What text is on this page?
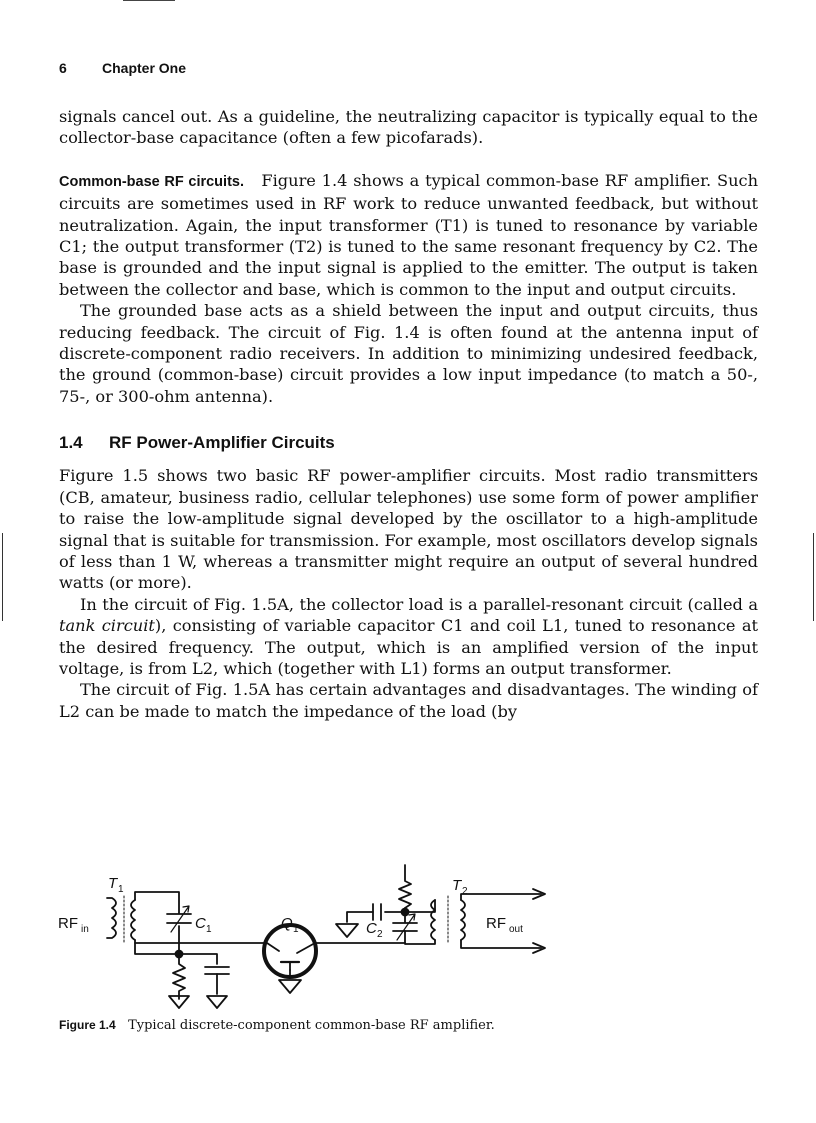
6	Chapter One

signals cancel out. As a guideline, the neutralizing capacitor is typically equal to the collector-base capacitance (often a few picofarads).

Common-base RF circuits. Figure 1.4 shows a typical common-base RF amplifier. Such circuits are sometimes used in RF work to reduce unwanted feedback, but without neutralization. Again, the input transformer (T1) is tuned to resonance by variable C1; the output transformer (T2) is tuned to the same resonant frequency by C2. The base is grounded and the input signal is applied to the emitter. The output is taken between the collector and base, which is common to the input and output circuits.

The grounded base acts as a shield between the input and output circuits, thus reducing feedback. The circuit of Fig. 1.4 is often found at the antenna input of discrete-component radio receivers. In addition to minimizing undesired feedback, the ground (common-base) circuit provides a low input impedance (to match a 50-, 75-, or 300-ohm antenna).

1.4 RF Power-Amplifier Circuits

Figure 1.5 shows two basic RF power-amplifier circuits. Most radio transmitters (CB, amateur, business radio, cellular telephones) use some form of power amplifier to raise the low-amplitude signal developed by the oscillator to a high-amplitude signal that is suitable for transmission. For example, most oscillators develop signals of less than 1 W, whereas a transmitter might require an output of several hundred watts (or more).

In the circuit of Fig. 1.5A, the collector load is a parallel-resonant circuit (called a tank circuit), consisting of variable capacitor C1 and coil L1, tuned to resonance at the desired frequency. The output, which is an amplified version of the input voltage, is from L2, which (together with L1) forms an output transformer.

The circuit of Fig. 1.5A has certain advantages and disadvantages. The winding of L2 can be made to match the impedance of the load (by

T 1
RF in	C 1	Q 1	C 2
T 2
RF out
Figure 1.4 Typical discrete-component common-base RF amplifier.
